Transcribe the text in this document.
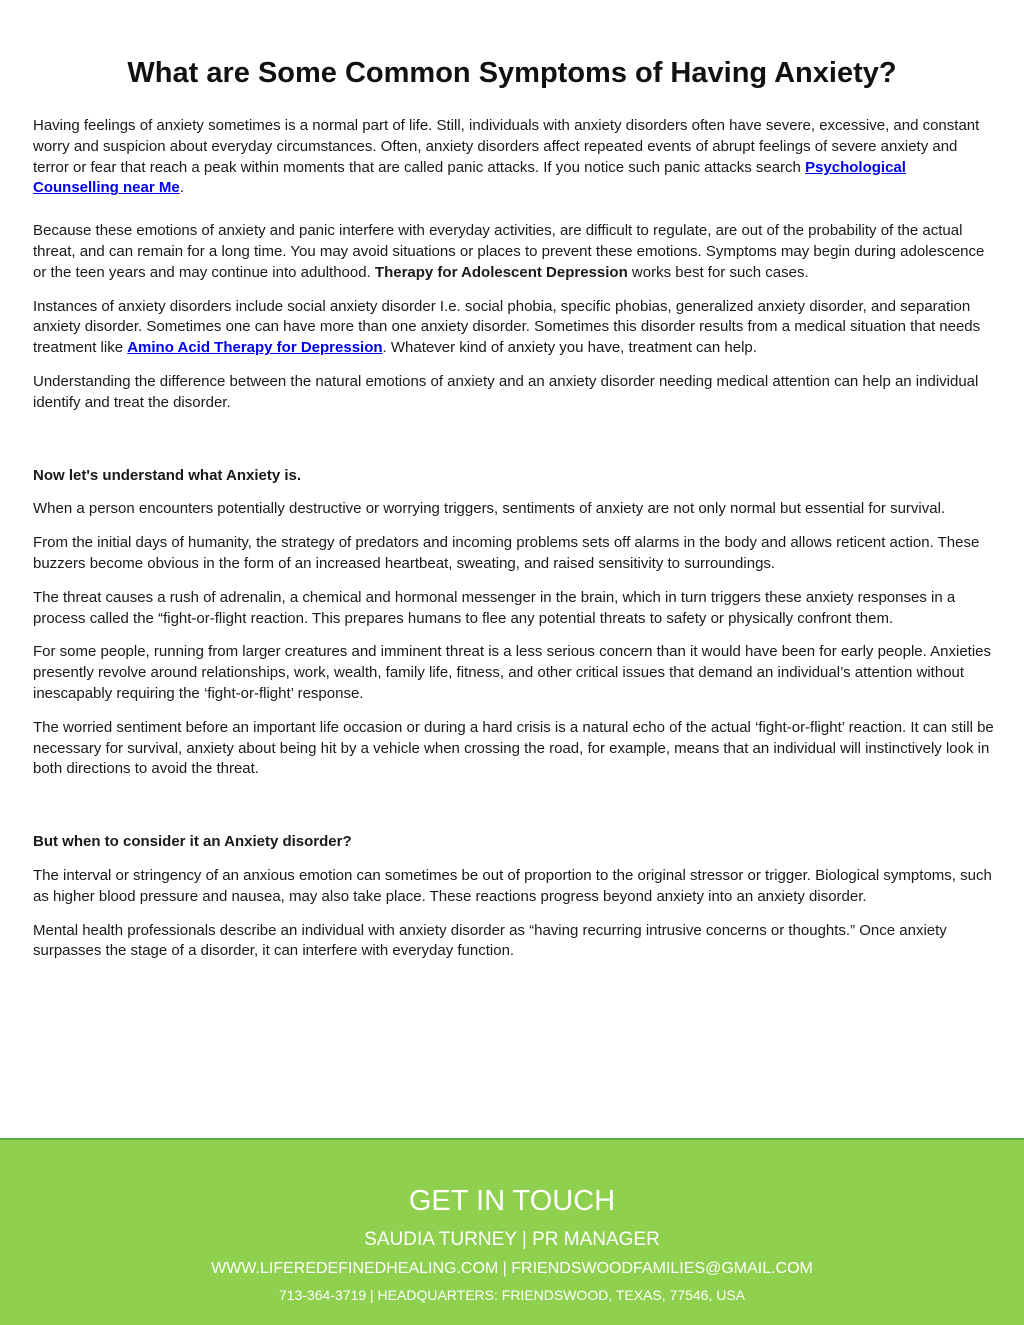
What are Some Common Symptoms of Having Anxiety?

Having feelings of anxiety sometimes is a normal part of life. Still, individuals with anxiety disorders often have severe, excessive, and constant worry and suspicion about everyday circumstances. Often, anxiety disorders affect repeated events of abrupt feelings of severe anxiety and terror or fear that reach a peak within moments that are called panic attacks. If you notice such panic attacks search Psychological Counselling near Me.

Because these emotions of anxiety and panic interfere with everyday activities, are difficult to regulate, are out of the probability of the actual threat, and can remain for a long time. You may avoid situations or places to prevent these emotions. Symptoms may begin during adolescence or the teen years and may continue into adulthood. Therapy for Adolescent Depression works best for such cases.

Instances of anxiety disorders include social anxiety disorder I.e. social phobia, specific phobias, generalized anxiety disorder, and separation anxiety disorder. Sometimes one can have more than one anxiety disorder. Sometimes this disorder results from a medical situation that needs treatment like Amino Acid Therapy for Depression. Whatever kind of anxiety you have, treatment can help.

Understanding the difference between the natural emotions of anxiety and an anxiety disorder needing medical attention can help an individual identify and treat the disorder.

Now let's understand what Anxiety is.

When a person encounters potentially destructive or worrying triggers, sentiments of anxiety are not only normal but essential for survival.

From the initial days of humanity, the strategy of predators and incoming problems sets off alarms in the body and allows reticent action. These buzzers become obvious in the form of an increased heartbeat, sweating, and raised sensitivity to surroundings.

The threat causes a rush of adrenalin, a chemical and hormonal messenger in the brain, which in turn triggers these anxiety responses in a process called the “fight-or-flight reaction. This prepares humans to flee any potential threats to safety or physically confront them.

For some people, running from larger creatures and imminent threat is a less serious concern than it would have been for early people. Anxieties presently revolve around relationships, work, wealth, family life, fitness, and other critical issues that demand an individual’s attention without inescapably requiring the ‘fight-or-flight’ response.

The worried sentiment before an important life occasion or during a hard crisis is a natural echo of the actual ‘fight-or-flight’ reaction. It can still be necessary for survival, anxiety about being hit by a vehicle when crossing the road, for example, means that an individual will instinctively look in both directions to avoid the threat.

But when to consider it an Anxiety disorder?

The interval or stringency of an anxious emotion can sometimes be out of proportion to the original stressor or trigger. Biological symptoms, such as higher blood pressure and nausea, may also take place. These reactions progress beyond anxiety into an anxiety disorder.

Mental health professionals describe an individual with anxiety disorder as “having recurring intrusive concerns or thoughts.” Once anxiety surpasses the stage of a disorder, it can interfere with everyday function.

GET IN TOUCH
SAUDIA TURNEY | PR MANAGER
WWW.LIFEREDEFINEDHEALING.COM | FRIENDSWOODFAMILIES@GMAIL.COM
713-364-3719 | HEADQUARTERS: FRIENDSWOOD, TEXAS, 77546, USA
